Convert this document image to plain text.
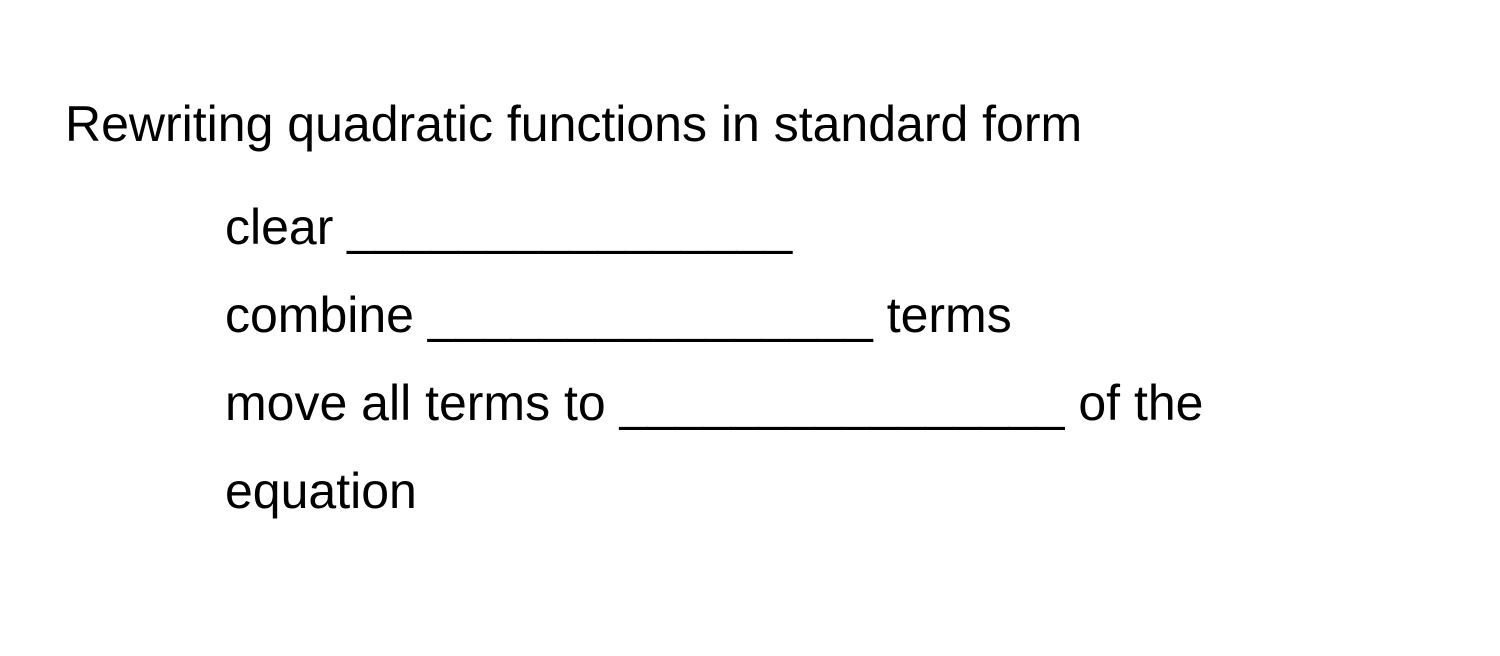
Rewriting quadratic functions in standard form
clear ________________
combine ________________ terms
move all terms to ________________ of the
equation
